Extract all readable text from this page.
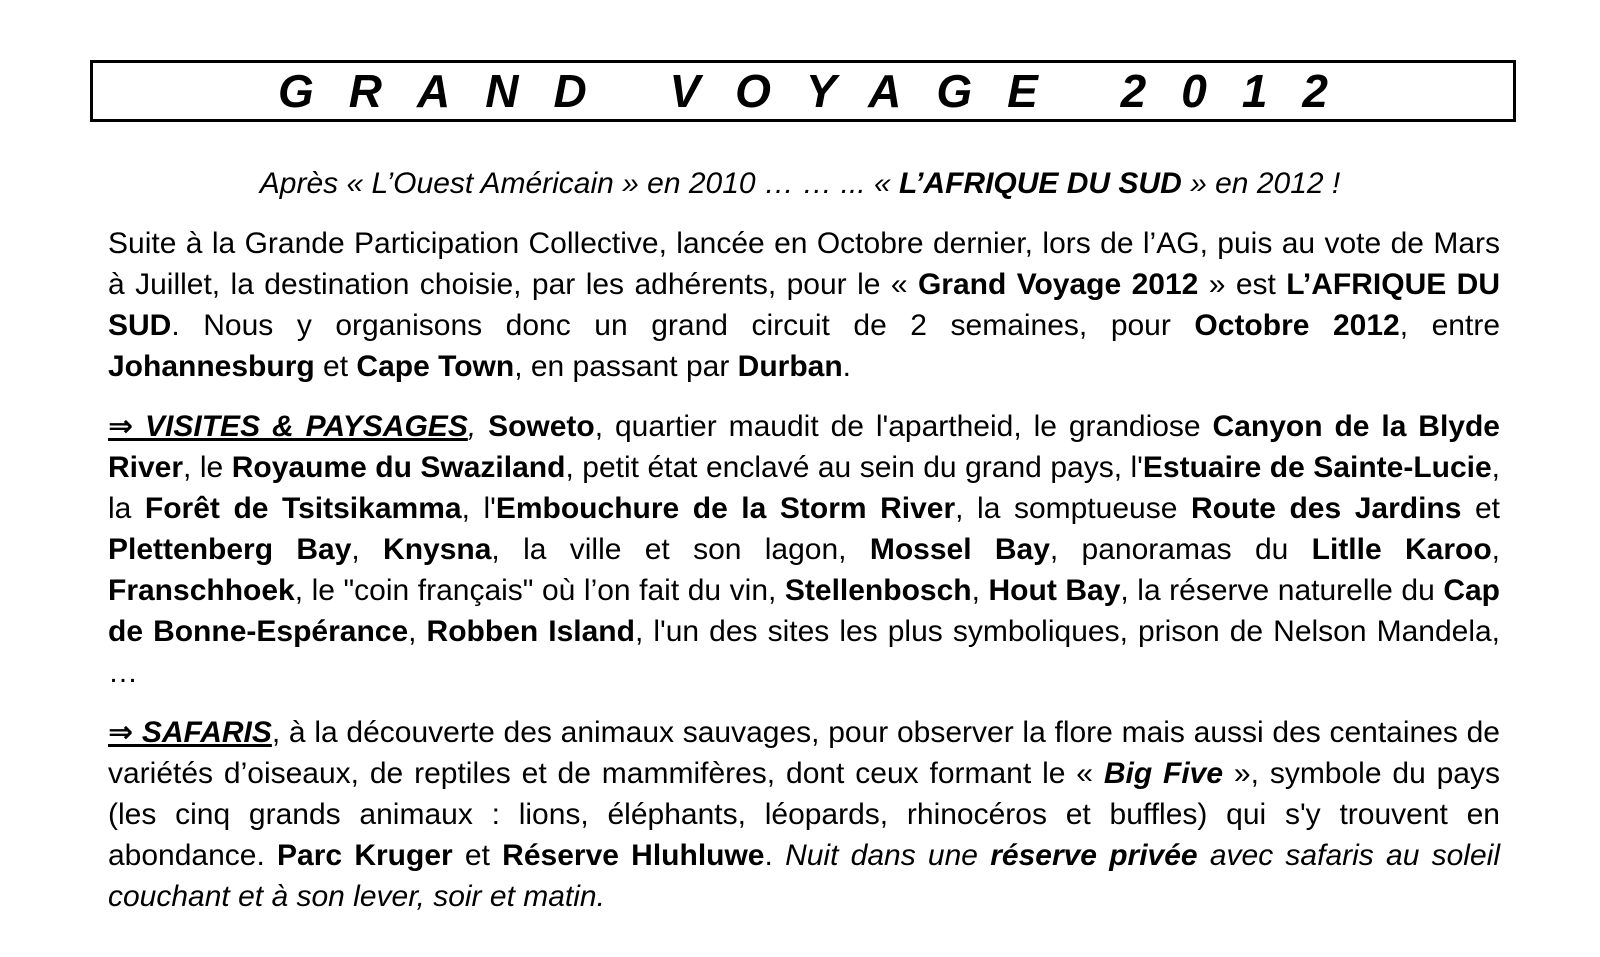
GRAND VOYAGE 2012
Après « L’Ouest Américain » en 2010 … … ... « L’AFRIQUE DU SUD » en 2012 !
Suite à la Grande Participation Collective, lancée en Octobre dernier, lors de l’AG, puis au vote de Mars à Juillet, la destination choisie, par les adhérents, pour le « Grand Voyage 2012 » est L’AFRIQUE DU SUD. Nous y organisons donc un grand circuit de 2 semaines, pour Octobre 2012, entre Johannesburg et Cape Town, en passant par Durban.
⇒ VISITES & PAYSAGES, Soweto, quartier maudit de l'apartheid, le grandiose Canyon de la Blyde River, le Royaume du Swaziland, petit état enclavé au sein du grand pays, l'Estuaire de Sainte-Lucie, la Forêt de Tsitsikamma, l'Embouchure de la Storm River, la somptueuse Route des Jardins et Plettenberg Bay, Knysna, la ville et son lagon, Mossel Bay, panoramas du Litlle Karoo, Franschhoek, le "coin français" où l’on fait du vin, Stellenbosch, Hout Bay, la réserve naturelle du Cap de Bonne-Espérance, Robben Island, l'un des sites les plus symboliques, prison de Nelson Mandela, …
⇒ SAFARIS, à la découverte des animaux sauvages, pour observer la flore mais aussi des centaines de variétés d’oiseaux, de reptiles et de mammifères, dont ceux formant le « Big Five », symbole du pays (les cinq grands animaux : lions, éléphants, léopards, rhinocéros et buffles) qui s'y trouvent en abondance. Parc Kruger et Réserve Hluhluwe. Nuit dans une réserve privée avec safaris au soleil couchant et à son lever, soir et matin.
